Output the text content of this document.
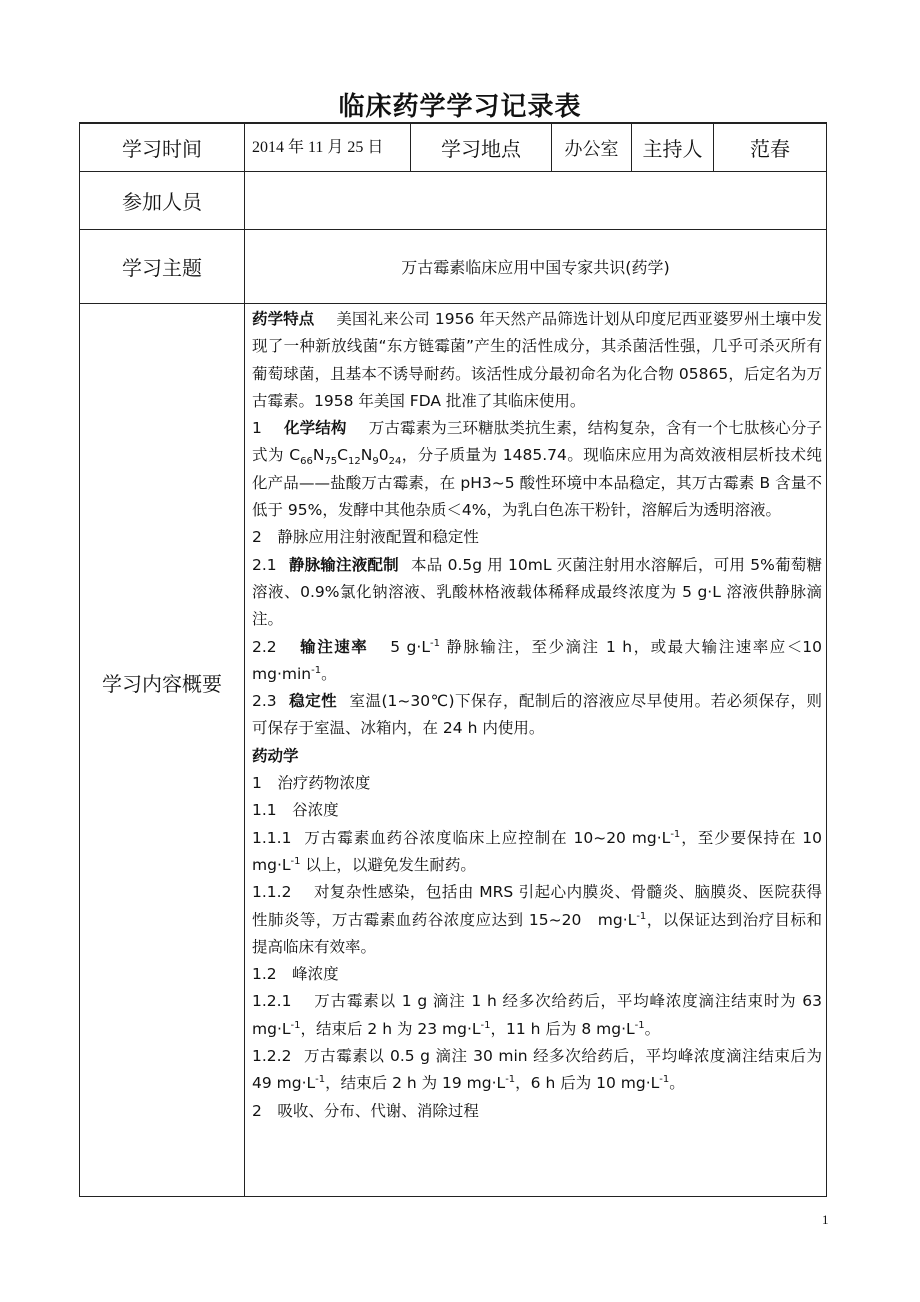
临床药学学习记录表
学习时间	2014 年 11 月 25 日	学习地点	办公室	主持人	范春
参加人员
学习主题	万古霉素临床应用中国专家共识(药学)
学习内容概要

药学特点 美国礼来公司 1956 年天然产品筛选计划从印度尼西亚婆罗州土壤中发现了一种新放线菌“东方链霉菌”产生的活性成分，其杀菌活性强，几乎可杀灭所有葡萄球菌，且基本不诱导耐药。该活性成分最初命名为化合物 05865，后定名为万古霉素。1958 年美国 FDA 批准了其临床使用。

1 化学结构 万古霉素为三环糖肽类抗生素，结构复杂，含有一个七肽核心分子式为 $C_{66}N_{75}C_{12}N_90_{24}$，分子质量为 1485.74。现临床应用为高效液相层析技术纯化产品——盐酸万古霉素，在 pH3~5 酸性环境中本品稳定，其万古霉素 B 含量不低于 95%，发酵中其他杂质＜4%，为乳白色冻干粉针，溶解后为透明溶液。

2　静脉应用注射液配置和稳定性

2.1 静脉输注液配制 本品 0.5g 用 10mL 灭菌注射用水溶解后，可用 5%葡萄糖溶液、0.9%氯化钠溶液、乳酸林格液载体稀释成最终浓度为 5 g·L 溶液供静脉滴注。

2.2 输注速率 5 $g\cdot L^{-1}$ 静脉输注，至少滴注 1 h，或最大输注速率应＜10 $mg\cdot\min^{-1}$。

2.3 稳定性 室温(1~30℃)下保存，配制后的溶液应尽早使用。若必须保存，则可保存于室温、冰箱内，在 24 h 内使用。

药动学

1　治疗药物浓度

1.1　谷浓度

1.1.1 万古霉素血药谷浓度临床上应控制在 10~20 $mg\cdot L^{-1}$，至少要保持在 10 $mg\cdot L^{-1}$ 以上，以避免发生耐药。

1.1.2 对复杂性感染，包括由 MRS 引起心内膜炎、骨髓炎、脑膜炎、医院获得性肺炎等，万古霉素血药谷浓度应达到 15~20　$mg\cdot L^{-1}$，以保证达到治疗目标和提高临床有效率。

1.2　峰浓度

1.2.1 万古霉素以 1 g 滴注 1 h 经多次给药后，平均峰浓度滴注结束时为 63 $mg\cdot L^{-1}$，结束后 2 h 为 23 $mg\cdot L^{-1}$，11 h 后为 8 $mg\cdot L^{-1}$。

1.2.2 万古霉素以 0.5 g 滴注 30 min 经多次给药后，平均峰浓度滴注结束后为 49 $mg\cdot L^{-1}$，结束后 2 h 为 19 $mg\cdot L^{-1}$，6 h 后为 10 $mg\cdot L^{-1}$。

2　吸收、分布、代谢、消除过程

1
